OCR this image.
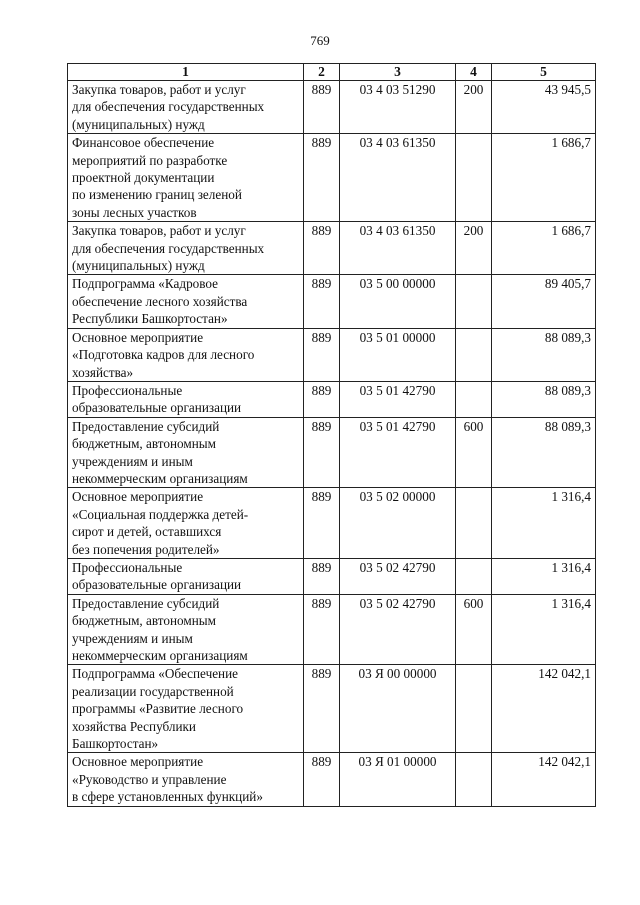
769
1	2	3	4	5
Закупка товаров, работ и услуг
для обеспечения государственных
(муниципальных) нужд	889	03 4 03 51290	200	43 945,5
Финансовое обеспечение
мероприятий по разработке
проектной документации
по изменению границ зеленой
зоны лесных участков	889	03 4 03 61350		1 686,7
Закупка товаров, работ и услуг
для обеспечения государственных
(муниципальных) нужд	889	03 4 03 61350	200	1 686,7
Подпрограмма «Кадровое
обеспечение лесного хозяйства
Республики Башкортостан»	889	03 5 00 00000		89 405,7
Основное мероприятие
«Подготовка кадров для лесного
хозяйства»	889	03 5 01 00000		88 089,3
Профессиональные
образовательные организации	889	03 5 01 42790		88 089,3
Предоставление субсидий
бюджетным, автономным
учреждениям и иным
некоммерческим организациям	889	03 5 01 42790	600	88 089,3
Основное мероприятие
«Социальная поддержка детей-
сирот и детей, оставшихся
без попечения родителей»	889	03 5 02 00000		1 316,4
Профессиональные
образовательные организации	889	03 5 02 42790		1 316,4
Предоставление субсидий
бюджетным, автономным
учреждениям и иным
некоммерческим организациям	889	03 5 02 42790	600	1 316,4
Подпрограмма «Обеспечение
реализации государственной
программы «Развитие лесного
хозяйства Республики
Башкортостан»	889	03 Я 00 00000		142 042,1
Основное мероприятие
«Руководство и управление
в сфере установленных функций»	889	03 Я 01 00000		142 042,1
